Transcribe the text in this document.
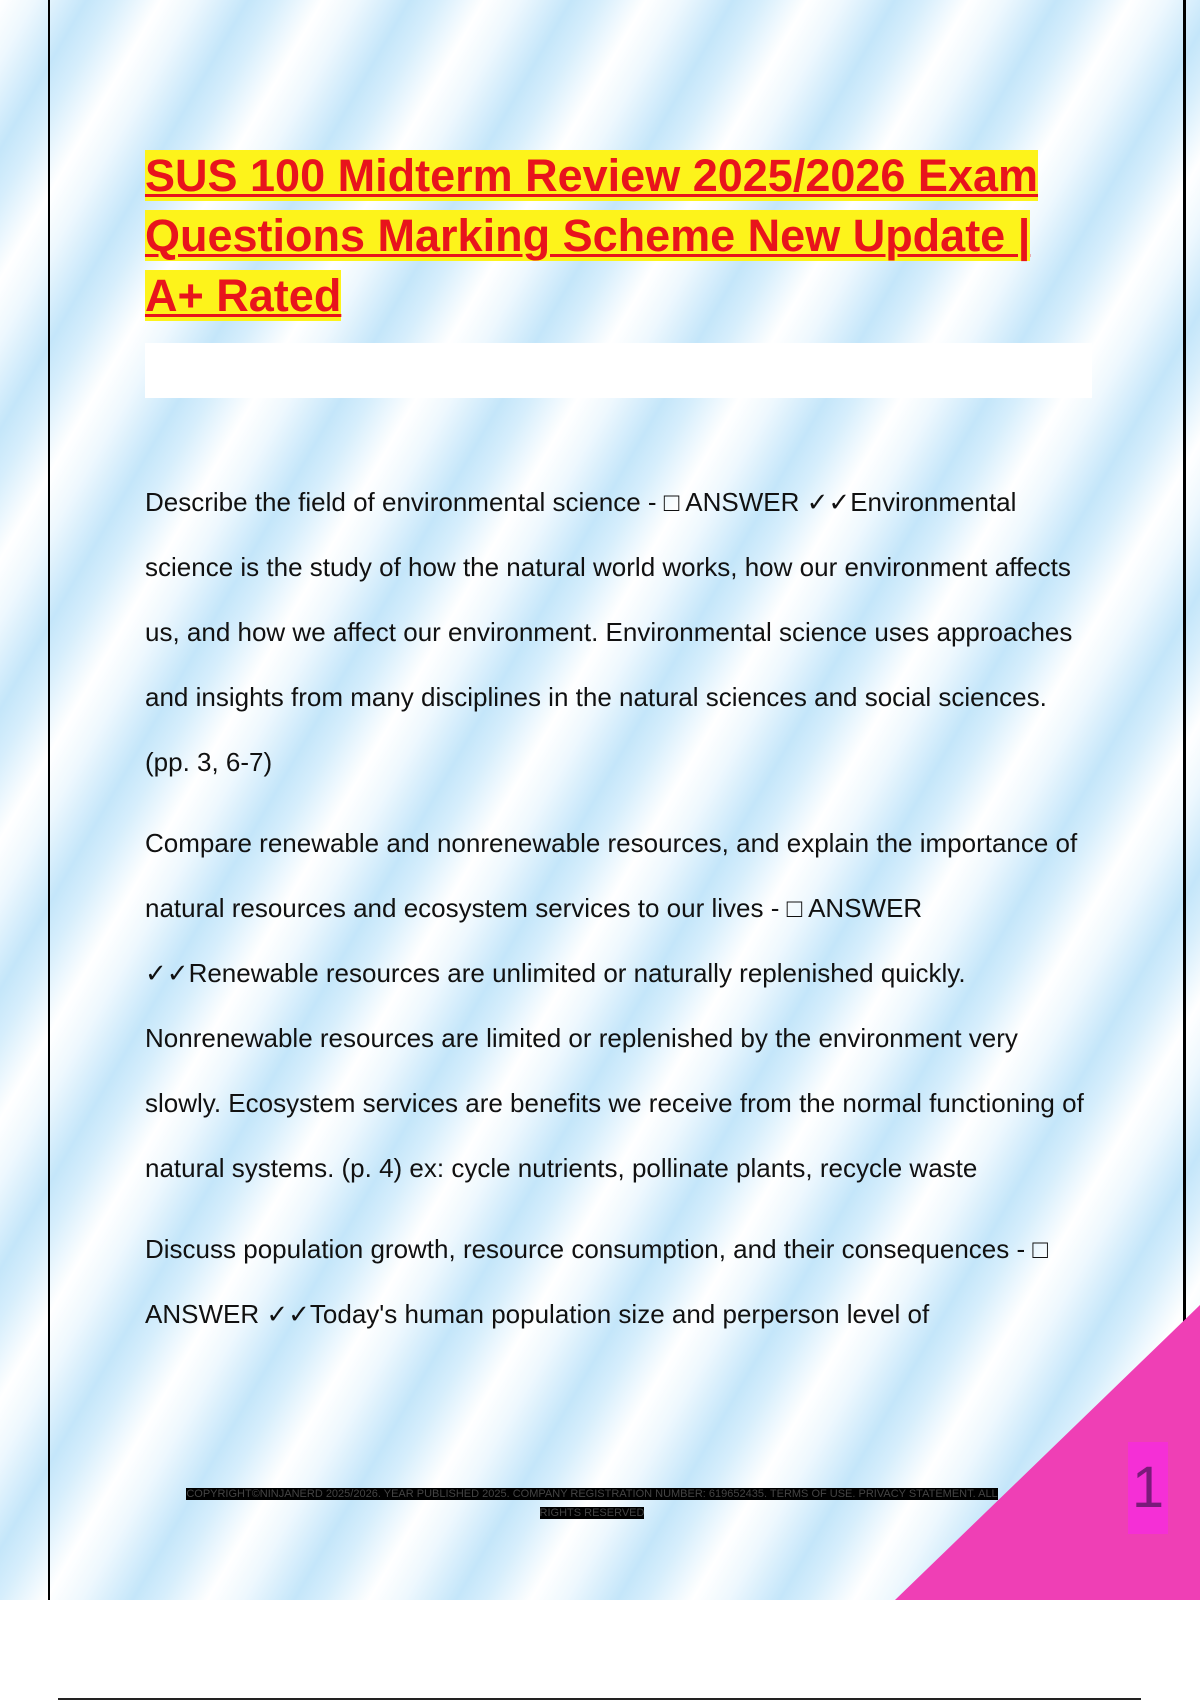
SUS 100 Midterm Review 2025/2026 Exam Questions Marking Scheme New Update | A+ Rated

Describe the field of environmental science - □ ANSWER ✓✓Environmental science is the study of how the natural world works, how our environment affects us, and how we affect our environment. Environmental science uses approaches and insights from many disciplines in the natural sciences and social sciences. (pp. 3, 6-7)

Compare renewable and nonrenewable resources, and explain the importance of natural resources and ecosystem services to our lives - □ ANSWER ✓✓Renewable resources are unlimited or naturally replenished quickly. Nonrenewable resources are limited or replenished by the environment very slowly. Ecosystem services are benefits we receive from the normal functioning of natural systems. (p. 4) ex: cycle nutrients, pollinate plants, recycle waste

Discuss population growth, resource consumption, and their consequences - □ ANSWER ✓✓Today's human population size and perperson level of

1
COPYRIGHT©NINJANERD 2025/2026. YEAR PUBLISHED 2025. COMPANY REGISTRATION NUMBER: 619652435. TERMS OF USE. PRIVACY STATEMENT. ALL RIGHTS RESERVED
